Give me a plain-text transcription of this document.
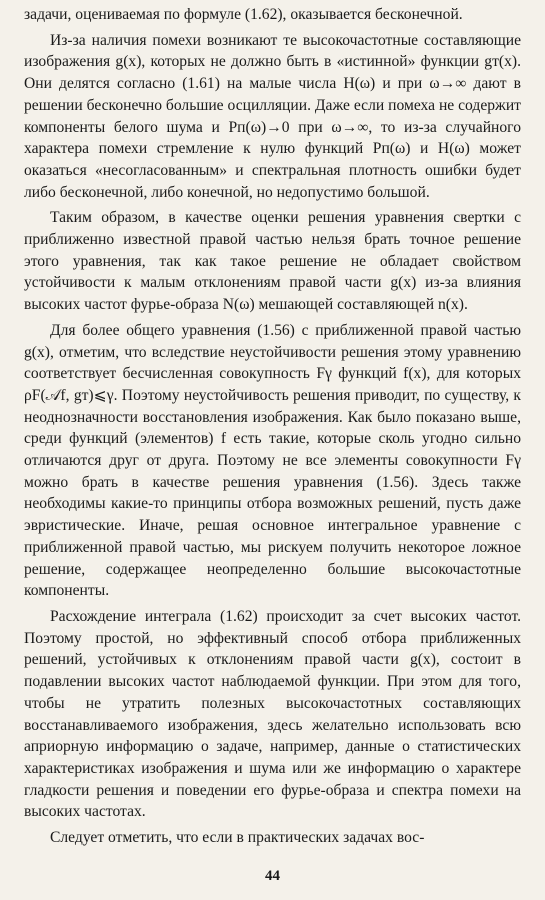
задачи, оцениваемая по формуле (1.62), оказывается бесконечной.

Из-за наличия помехи возникают те высокочастотные составляющие изображения g(x), которых не должно быть в «истинной» функции gт(x). Они делятся согласно (1.61) на малые числа H(ω) и при ω→∞ дают в решении бесконечно большие осцилляции. Даже если помеха не содержит компоненты белого шума и Pп(ω)→0 при ω→∞, то из-за случайного характера помехи стремление к нулю функций Pп(ω) и H(ω) может оказаться «несогласованным» и спектральная плотность ошибки будет либо бесконечной, либо конечной, но недопустимо большой.

Таким образом, в качестве оценки решения уравнения свертки с приближенно известной правой частью нельзя брать точное решение этого уравнения, так как такое решение не обладает свойством устойчивости к малым отклонениям правой части g(x) из-за влияния высоких частот фурье-образа N(ω) мешающей составляющей n(x).

Для более общего уравнения (1.56) с приближенной правой частью g(x), отметим, что вследствие неустойчивости решения этому уравнению соответствует бесчисленная совокупность Fγ функций f(x), для которых ρF(𝒜f, gт)⩽γ. Поэтому неустойчивость решения приводит, по существу, к неоднозначности восстановления изображения. Как было показано выше, среди функций (элементов) f есть такие, которые сколь угодно сильно отличаются друг от друга. Поэтому не все элементы совокупности Fγ можно брать в качестве решения уравнения (1.56). Здесь также необходимы какие-то принципы отбора возможных решений, пусть даже эвристические. Иначе, решая основное интегральное уравнение с приближенной правой частью, мы рискуем получить некоторое ложное решение, содержащее неопределенно большие высокочастотные компоненты.

Расхождение интеграла (1.62) происходит за счет высоких частот. Поэтому простой, но эффективный способ отбора приближенных решений, устойчивых к отклонениям правой части g(x), состоит в подавлении высоких частот наблюдаемой функции. При этом для того, чтобы не утратить полезных высокочастотных составляющих восстанавливаемого изображения, здесь желательно использовать всю априорную информацию о задаче, например, данные о статистических характеристиках изображения и шума или же информацию о характере гладкости решения и поведении его фурье-образа и спектра помехи на высоких частотах.

Следует отметить, что если в практических задачах вос-

44
